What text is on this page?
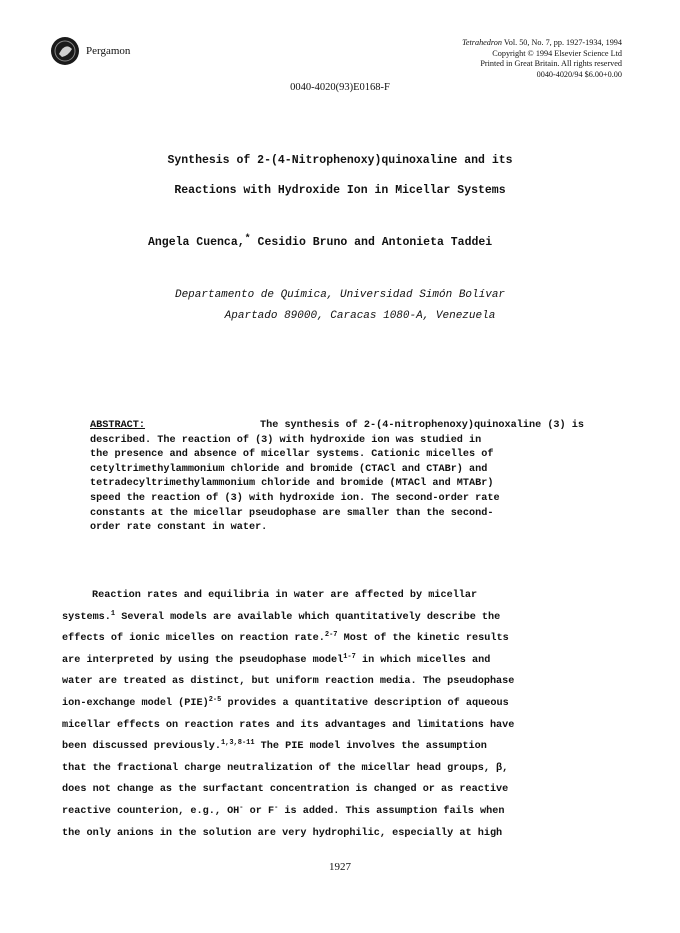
Pergamon
Tetrahedron Vol. 50, No. 7, pp. 1927-1934, 1994
Copyright © 1994 Elsevier Science Ltd
Printed in Great Britain. All rights reserved
0040-4020/94 $6.00+0.00
0040-4020(93)E0168-F
Synthesis of 2-(4-Nitrophenoxy)quinoxaline and its
Reactions with Hydroxide Ion in Micellar Systems
Angela Cuenca,* Cesidio Bruno and Antonieta Taddei
Departamento de Química, Universidad Simón Bolívar
Apartado 89000, Caracas 1080-A, Venezuela
ABSTRACT:	The synthesis of 2-(4-nitrophenoxy)quinoxaline (3) is
described. The reaction of (3) with hydroxide ion was studied in
the presence and absence of micellar systems. Cationic micelles of
cetyltrimethylammonium chloride and bromide (CTACl and CTABr) and
tetradecyltrimethylammonium chloride and bromide (MTACl and MTABr)
speed the reaction of (3) with hydroxide ion. The second-order rate
constants at the micellar pseudophase are smaller than the second-
order rate constant in water.
Reaction rates and equilibria in water are affected by micellar
systems.$^1$ Several models are available which quantitatively describe the
effects of ionic micelles on reaction rate.$^{2-7}$ Most of the kinetic results
are interpreted by using the pseudophase model$^{1-7}$ in which micelles and
water are treated as distinct, but uniform reaction media. The pseudophase
ion-exchange model (PIE)$^{2-5}$ provides a quantitative description of aqueous
micellar effects on reaction rates and its advantages and limitations have
been discussed previously.$^{1,3,8-11}$ The PIE model involves the assumption
that the fractional charge neutralization of the micellar head groups, β,
does not change as the surfactant concentration is changed or as reactive
reactive counterion, e.g., OH- or F- is added. This assumption fails when
the only anions in the solution are very hydrophilic, especially at high
1927
